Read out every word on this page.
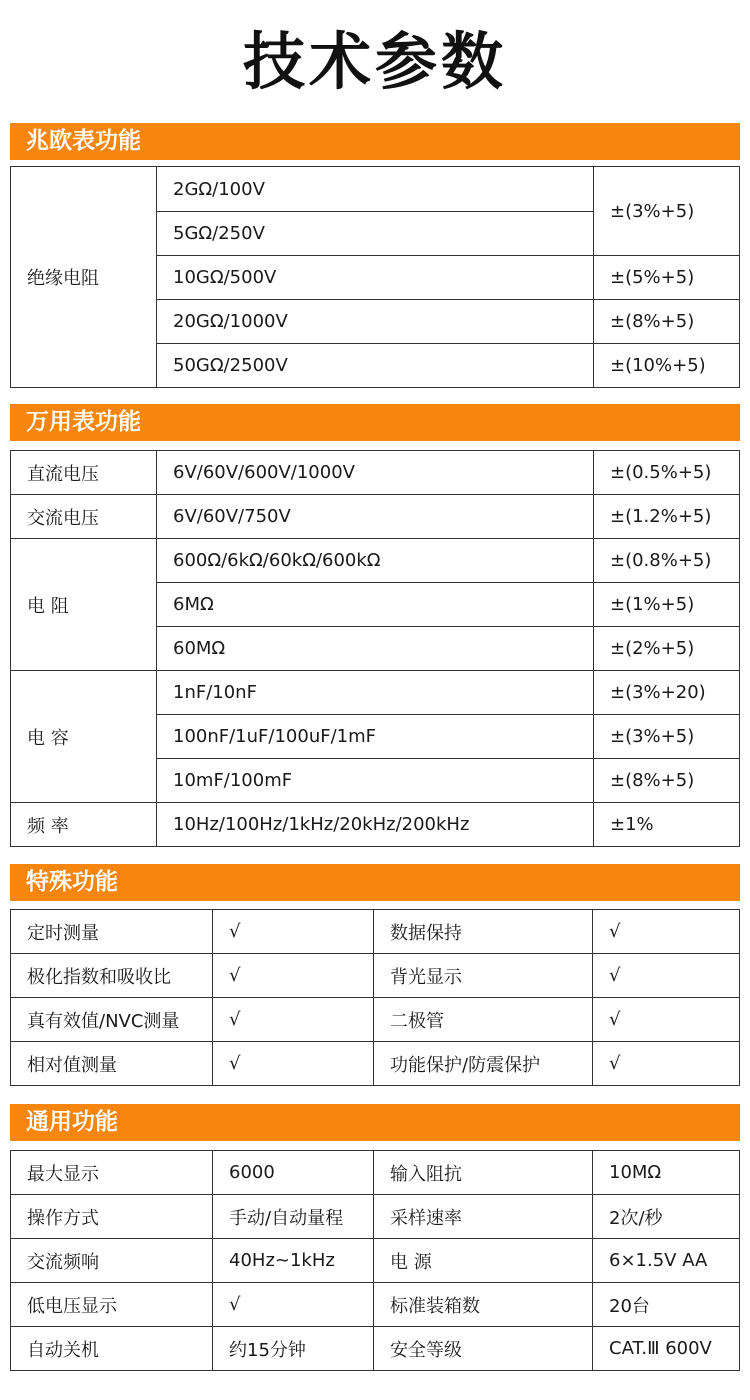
技术参数
兆欧表功能
绝缘电阻	2GΩ/100V	±(3%+5)
	5GΩ/250V	
	10GΩ/500V	±(5%+5)
	20GΩ/1000V	±(8%+5)
	50GΩ/2500V	±(10%+5)
万用表功能
直流电压	6V/60V/600V/1000V	±(0.5%+5)
交流电压	6V/60V/750V	±(1.2%+5)
电 阻	600Ω/6kΩ/60kΩ/600kΩ	±(0.8%+5)
	6MΩ	±(1%+5)
	60MΩ	±(2%+5)
电 容	1nF/10nF	±(3%+20)
	100nF/1uF/100uF/1mF	±(3%+5)
	10mF/100mF	±(8%+5)
频 率	10Hz/100Hz/1kHz/20kHz/200kHz	±1%
特殊功能
定时测量	√	数据保持	√
极化指数和吸收比	√	背光显示	√
真有效值/NVC测量	√	二极管	√
相对值测量	√	功能保护/防震保护	√
通用功能
最大显示	6000	输入阻抗	10MΩ
操作方式	手动/自动量程	采样速率	2次/秒
交流频响	40Hz~1kHz	电 源	6×1.5V AA
低电压显示	√	标准装箱数	20台
自动关机	约15分钟	安全等级	CAT.Ⅲ 600V
